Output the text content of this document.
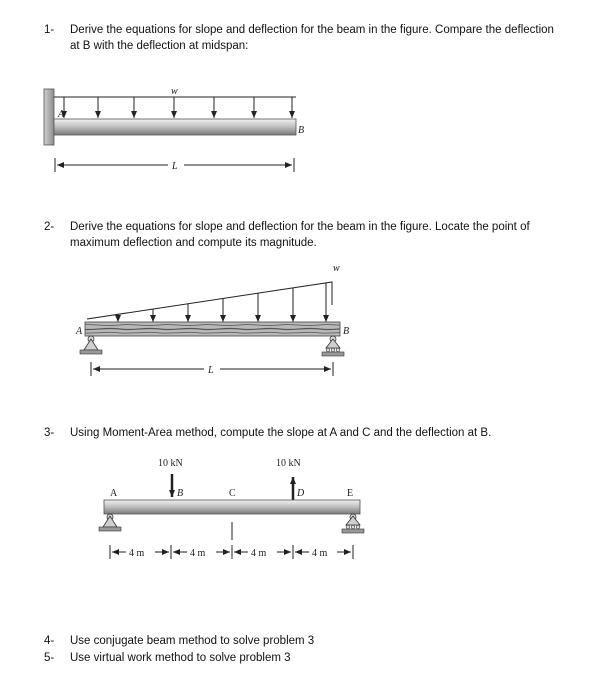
1- Derive the equations for slope and deflection for the beam in the figure. Compare the deflection
at B with the deflection at midspan:
2- Derive the equations for slope and deflection for the beam in the figure. Locate the point of
maximum deflection and compute its magnitude.
3- Using Moment-Area method, compute the slope at A and C and the deflection at B.
4- Use conjugate beam method to solve problem 3
5- Use virtual work method to solve problem 3
w
A
B
L
w
A	B
L
10 kN	10 kN
A	B	C	D	E
4 m	4 m	4 m	4 m
